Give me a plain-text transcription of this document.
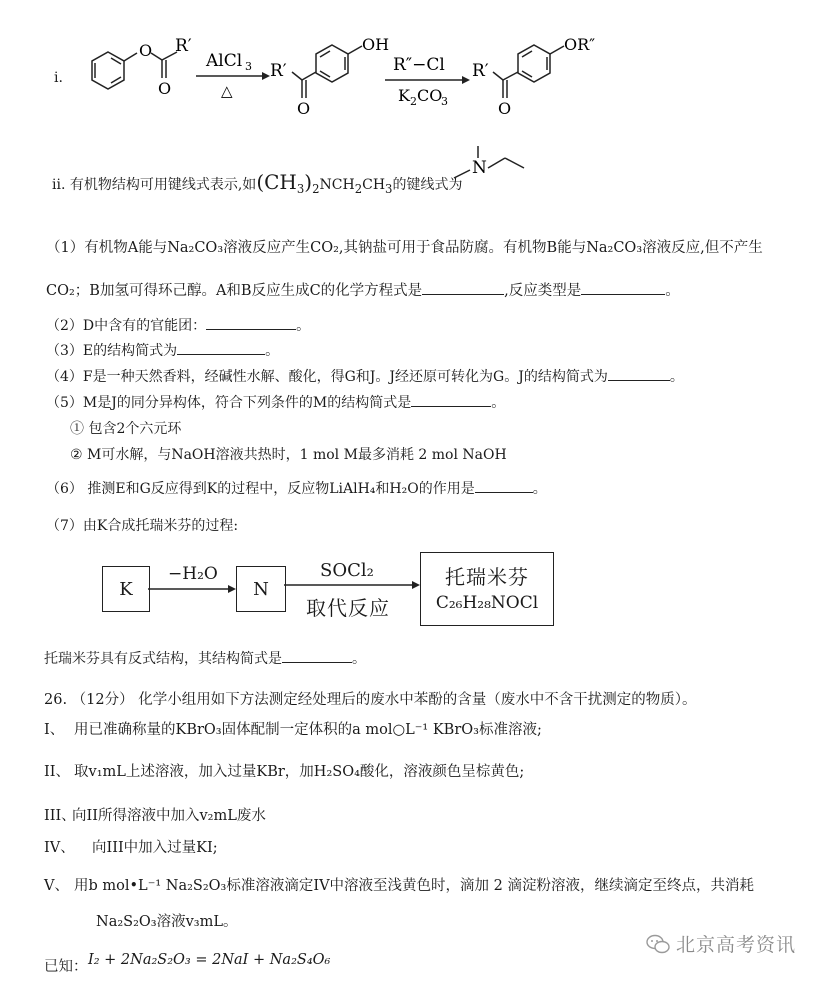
i.
O
O
R′
AlCl 3
△
R′
O
OH
R″−Cl
K 2 CO
3
R′
O
OR″
ii. 有机物结构可用键线式表示,如$(CH_3)_2NCH_2CH_3$的键线式为
N
（1）有机物A能与Na₂CO₃溶液反应产生CO₂,其钠盐可用于食品防腐。有机物B能与Na₂CO₃溶液反应,但不产生
CO₂；B加氢可得环己醇。A和B反应生成C的化学方程式是	,反应类型是	。
（2）D中含有的官能团：	。
（3）E的结构简式为	。
（4）F是一种天然香料，经碱性水解、酸化，得G和J。J经还原可转化为G。J的结构简式为	。
（5）M是J的同分异构体，符合下列条件的M的结构简式是	。
① 包含2个六元环
② M可水解，与NaOH溶液共热时，1 mol M最多消耗 2 mol NaOH
（6） 推测E和G反应得到K的过程中，反应物LiAlH₄和H₂O的作用是	。
（7）由K合成托瑞米芬的过程:
K
−H₂O
N
SOCl₂
取代反应
托瑞米芬
C₂₆H₂₈NOCl
托瑞米芬具有反式结构，其结构简式是	。
26. （12分） 化学小组用如下方法测定经处理后的废水中苯酚的含量（废水中不含干扰测定的物质）。
I、 用已准确称量的KBrO₃固体配制一定体积的a mol○L⁻¹ KBrO₃标准溶液;
II、 取v₁mL上述溶液，加入过量KBr，加H₂SO₄酸化，溶液颜色呈棕黄色;
III、
向II所得溶液中加入v₂mL废水
IV、 向III中加入过量KI;
V、 用b mol•L⁻¹ Na₂S₂O₃标准溶液滴定IV中溶液至浅黄色时，滴加 2 滴淀粉溶液，继续滴定至终点，共消耗
Na₂S₂O₃溶液v₃mL。
已知： I₂ + 2Na₂S₂O₃ = 2NaI + Na₂S₄O₆
北京高考资讯
